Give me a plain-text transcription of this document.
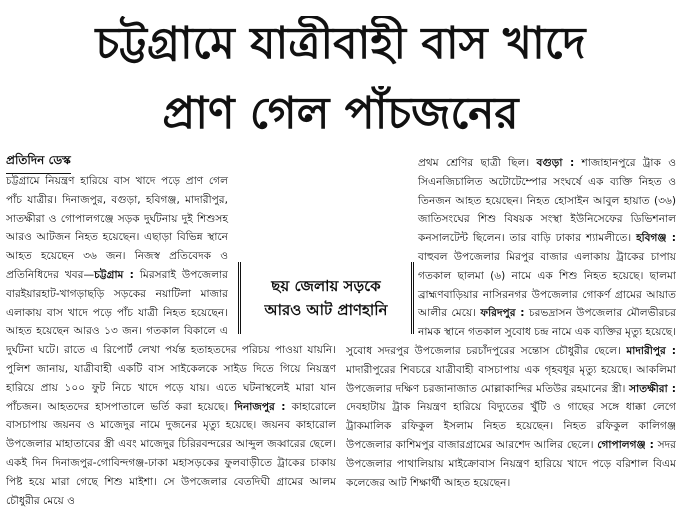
চট্টগ্রামে যাত্রীবাহী বাস খাদে
প্রাণ গেল পাঁচজনের
প্রতিদিন ডেস্ক

চট্টগ্রামে নিয়ন্ত্রণ হারিয়ে বাস খাদে পড়ে প্রাণ গেল পাঁচ যাত্রীর। দিনাজপুর, বগুড়া, হবিগঞ্জ, মাদারীপুর, সাতক্ষীরা ও গোপালগঞ্জে সড়ক দুর্ঘটনায় দুই শিশুসহ আরও আটজন নিহত হয়েছেন। এছাড়া বিভিন্ন স্থানে আহত হয়েছেন ৩৬ জন। নিজস্ব প্রতিবেদক ও প্রতিনিধিদের খবর—চট্টগ্রাম : মিরসরাই উপজেলার বারইয়ারহাট-খাগড়াছড়ি সড়কের নয়াটিলা মাজার এলাকায় বাস খাদে পড়ে পাঁচ যাত্রী নিহত হয়েছেন। আহত হয়েছেন আরও ১৩ জন। গতকাল বিকালে এ দুর্ঘটনা ঘটে। রাতে এ রিপোর্ট লেখা পর্যন্ত হতাহতদের পরিচয় পাওয়া যায়নি। পুলিশ জানায়, যাত্রীবাহী একটি বাস সাইকেলকে সাইড দিতে গিয়ে নিয়ন্ত্রণ হারিয়ে প্রায় ১০০ ফুট নিচে খাদে পড়ে যায়। এতে ঘটনাস্থলেই মারা যান পাঁচজন। আহতদের হাসপাতালে ভর্তি করা হয়েছে। দিনাজপুর : কাহারোলে বাসচাপায় জয়নব ও মাজেদুর নামে দুজনের মৃত্যু হয়েছে। জয়নব কাহারোল উপজেলার মাহাতাবের স্ত্রী এবং মাজেদুর চিরিরবন্দরের আব্দুল জব্বারের ছেলে। একই দিন দিনাজপুর-গোবিন্দগঞ্জ-ঢাকা মহাসড়কের ফুলবাড়ীতে ট্রাকের চাকায় পিষ্ট হয়ে মারা গেছে শিশু মাইশা। সে উপজেলার বেতদিঘী গ্রামের আলম চৌধুরীর মেয়ে ও

প্রথম শ্রেণির ছাত্রী ছিল। বগুড়া : শাজাহানপুরে ট্রাক ও সিএনজিচালিত অটোটেম্পোর সংঘর্ষে এক ব্যক্তি নিহত ও তিনজন আহত হয়েছেন। নিহত হোসাইন আবুল হায়াত (৩৬) জাতিসংঘের শিশু বিষয়ক সংস্থা ইউনিসেফের ডিভিশনাল কনসালটেন্ট ছিলেন। তার বাড়ি ঢাকার শ্যামলীতে। হবিগঞ্জ : বাহুবল উপজেলার মিরপুর বাজার এলাকায় ট্রাকের চাপায় গতকাল ছালমা (৬) নামে এক শিশু নিহত হয়েছে। ছালমা ব্রাহ্মণবাড়িয়ার নাসিরনগর উপজেলার গোকর্ণ গ্রামের আয়াত আলীর মেয়ে। ফরিদপুর : চরভদ্রাসন উপজেলার মৌলভীরচর নামক স্থানে গতকাল সুবোধ চন্দ্র নামে এক ব্যক্তির মৃত্যু হয়েছে। সুবোধ সদরপুর উপজেলার চরচাঁদপুরের সন্তোস চৌধুরীর ছেলে। মাদারীপুর : মাদারীপুরের শিবচরে যাত্রীবাহী বাসচাপায় এক গৃহবধূর মৃত্যু হয়েছে। আকলিমা উপজেলার দক্ষিণ চরজানাজাত মোল্লাকান্দির মতিউর রহমানের স্ত্রী। সাতক্ষীরা : দেবহাটায় ট্রাক নিয়ন্ত্রণ হারিয়ে বিদ্যুতের খুঁটি ও গাছের সঙ্গে ধাক্কা লেগে ট্রাকমালিক রফিকুল ইসলাম নিহত হয়েছেন। নিহত রফিকুল কালিগঞ্জ উপজেলার কাশিমপুর বাজারগ্রামের আরশেদ আলির ছেলে। গোপালগঞ্জ : সদর উপজেলার পাথালিয়ায় মাইক্রোবাস নিয়ন্ত্রণ হারিয়ে খাদে পড়ে বরিশাল বিএম কলেজের আট শিক্ষার্থী আহত হয়েছেন।

ছয় জেলায় সড়কে
আরও আট প্রাণহানি
